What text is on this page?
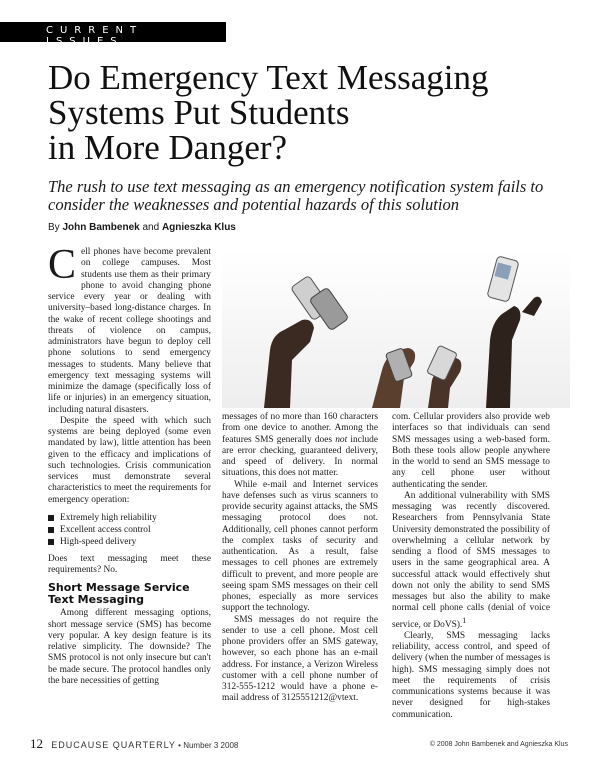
CURRENT ISSUES
Do Emergency Text Messaging
Systems Put Students
in More Danger?

The rush to use text messaging as an emergency notification system fails to consider the weaknesses and potential hazards of this solution

By John Bambenek and Agnieszka Klus

Cell phones have become prevalent on college campuses. Most students use them as their primary phone to avoid changing phone service every year or dealing with university–based long-distance charges. In the wake of recent college shootings and threats of violence on campus, administrators have begun to deploy cell phone solutions to send emergency messages to students. Many believe that emergency text messaging systems will minimize the damage (specifically loss of life or injuries) in an emergency situation, including natural disasters.

Despite the speed with which such systems are being deployed (some even mandated by law), little attention has been given to the efficacy and implications of such technologies. Crisis communication services must demonstrate several characteristics to meet the requirements for emergency operation:

Extremely high reliability
Excellent access control
High-speed delivery

Does text messaging meet these requirements? No.

Short Message Service Text Messaging

Among different messaging options, short message service (SMS) has become very popular. A key design feature is its relative simplicity. The downside? The SMS protocol is not only insecure but can't be made secure. The protocol handles only the bare necessities of getting

messages of no more than 160 characters from one device to another. Among the features SMS generally does not include are error checking, guaranteed delivery, and speed of delivery. In normal situations, this does not matter.

While e-mail and Internet services have defenses such as virus scanners to provide security against attacks, the SMS messaging protocol does not. Additionally, cell phones cannot perform the complex tasks of security and authentication. As a result, false messages to cell phones are extremely difficult to prevent, and more people are seeing spam SMS messages on their cell phones, especially as more services support the technology.

SMS messages do not require the sender to use a cell phone. Most cell phone providers offer an SMS gateway, however, so each phone has an e-mail address. For instance, a Verizon Wireless customer with a cell phone number of 312-555-1212 would have a phone e-mail address of 3125551212@vtext.

com. Cellular providers also provide web interfaces so that individuals can send SMS messages using a web-based form. Both these tools allow people anywhere in the world to send an SMS message to any cell phone user without authenticating the sender.

An additional vulnerability with SMS messaging was recently discovered. Researchers from Pennsylvania State University demonstrated the possibility of overwhelming a cellular network by sending a flood of SMS messages to users in the same geographical area. A successful attack would effectively shut down not only the ability to send SMS messages but also the ability to make normal cell phone calls (denial of voice service, or DoVS).$^1$

Clearly, SMS messaging lacks reliability, access control, and speed of delivery (when the number of messages is high). SMS messaging simply does not meet the requirements of crisis communications systems because it was never designed for high-stakes communication.

12 EDUCAUSE QUARTERLY • Number 3 2008	© 2008 John Bambenek and Agnieszka Klus
